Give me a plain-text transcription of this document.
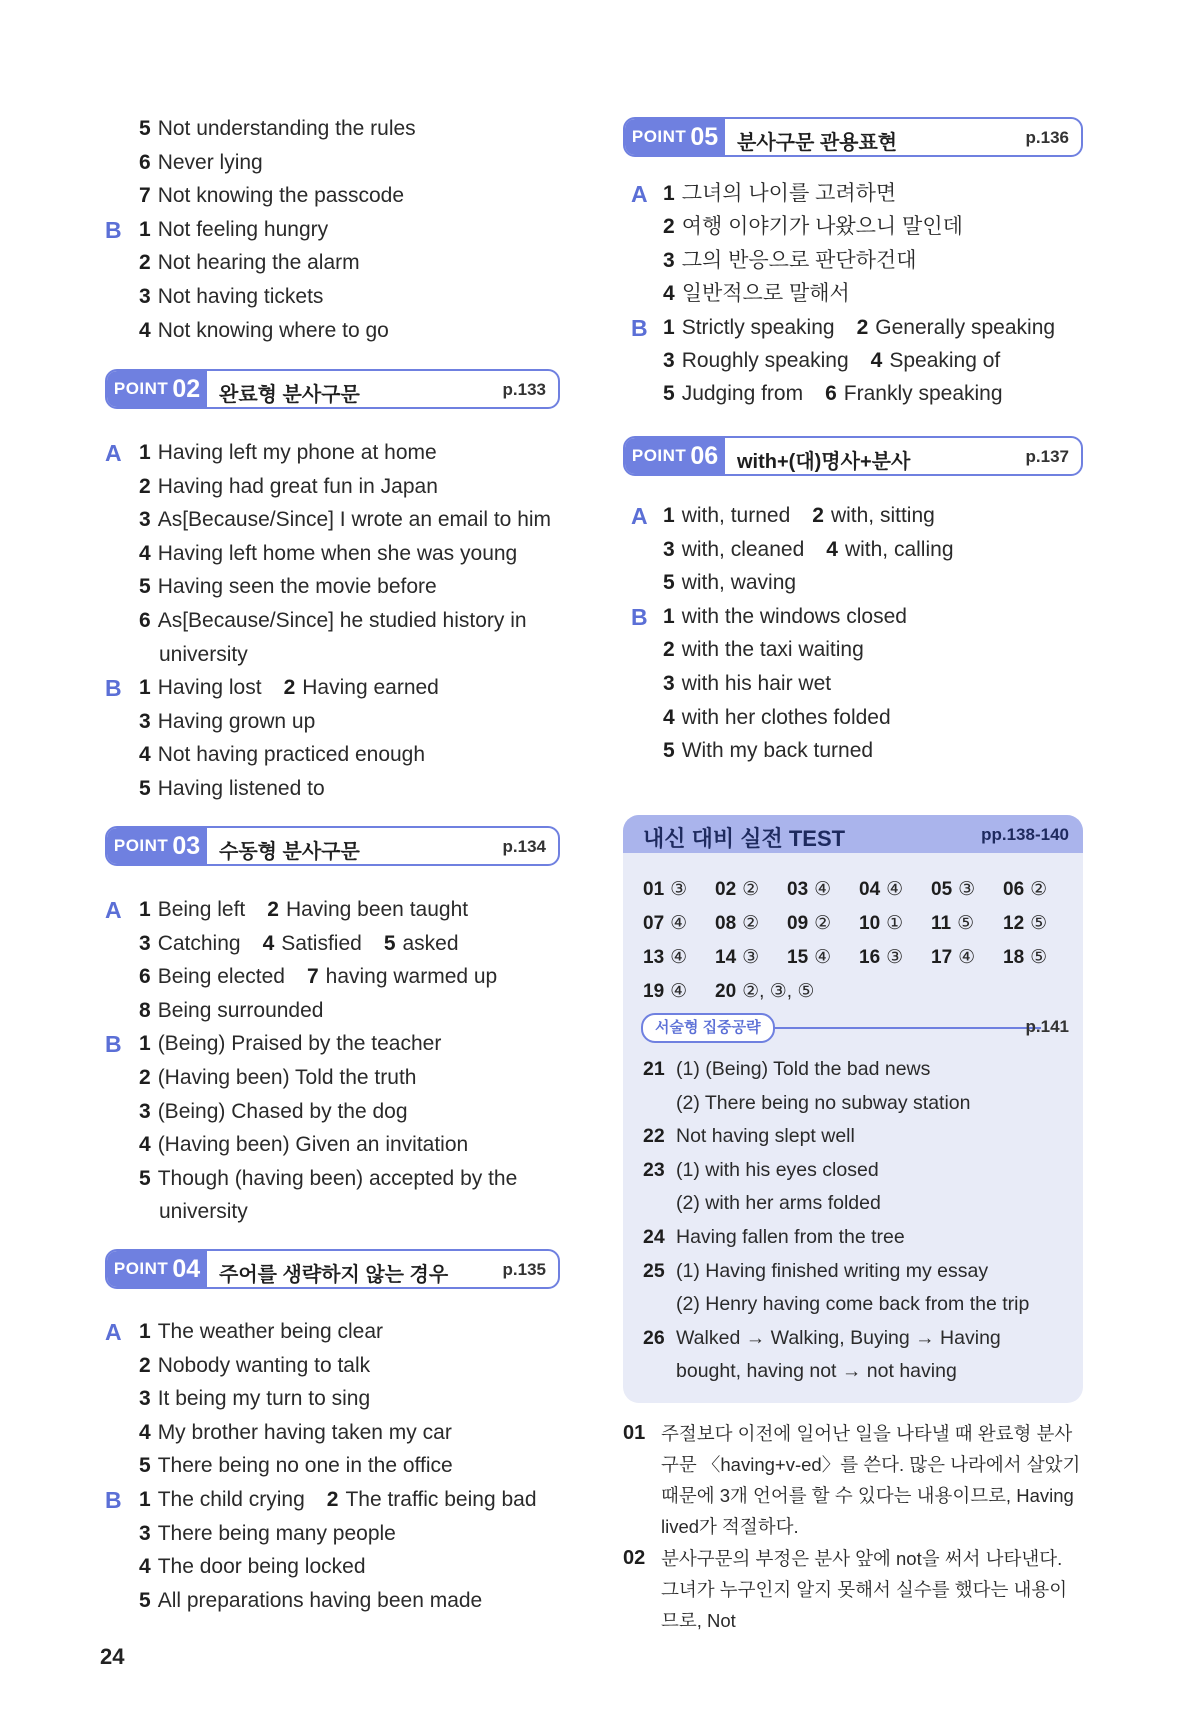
5 Not understanding the rules
6 Never lying
7 Not knowing the passcode
B 1 Not feeling hungry
2 Not hearing the alarm
3 Not having tickets
4 Not knowing where to go
POINT 02 완료형 분사구문	p.133
A 1 Having left my phone at home
2 Having had great fun in Japan
3 As[Because/Since] I wrote an email to him
4 Having left home when she was young
5 Having seen the movie before
6 As[Because/Since] he studied history in
university
B 1 Having lost 2 Having earned
3 Having grown up
4 Not having practiced enough
5 Having listened to
POINT 03 수동형 분사구문	p.134
A 1 Being left 2 Having been taught
3 Catching 4 Satisfied 5 asked
6 Being elected 7 having warmed up
8 Being surrounded
B 1 (Being) Praised by the teacher
2 (Having been) Told the truth
3 (Being) Chased by the dog
4 (Having been) Given an invitation
5 Though (having been) accepted by the
university
POINT 04 주어를 생략하지 않는 경우	p.135
A 1 The weather being clear
2 Nobody wanting to talk
3 It being my turn to sing
4 My brother having taken my car
5 There being no one in the office
B 1 The child crying 2 The traffic being bad
3 There being many people
4 The door being locked
5 All preparations having been made
POINT 05 분사구문 관용표현	p.136
A 1 그녀의 나이를 고려하면
2 여행 이야기가 나왔으니 말인데
3 그의 반응으로 판단하건대
4 일반적으로 말해서
B 1 Strictly speaking 2 Generally speaking
3 Roughly speaking 4 Speaking of
5 Judging from 6 Frankly speaking
POINT 06 with+(대)명사+분사	p.137
A 1 with, turned 2 with, sitting
3 with, cleaned 4 with, calling
5 with, waving
B 1 with the windows closed
2 with the taxi waiting
3 with his hair wet
4 with her clothes folded
5 With my back turned
내신 대비 실전 TEST	pp.138-140
01 ③ 02 ② 03 ④ 04 ④ 05 ③ 06 ②
07 ④ 08 ② 09 ② 10 ① 11 ⑤ 12 ⑤
13 ④ 14 ③ 15 ④ 16 ③ 17 ④ 18 ⑤
19 ④ 20 ②, ③, ⑤
서술형 집중공략	p.141
21 (1) (Being) Told the bad news
(2) There being no subway station
22 Not having slept well
23 (1) with his eyes closed
(2) with her arms folded
24 Having fallen from the tree
25 (1) Having finished writing my essay
(2) Henry having come back from the trip
26 Walked → Walking, Buying → Having
bought, having not → not having
01 주절보다 이전에 일어난 일을 나타낼 때 완료형 분사구문 〈having+v-ed〉를 쓴다. 많은 나라에서 살았기 때문에 3개 언어를 할 수 있다는 내용이므로, Having lived가 적절하다.
02 분사구문의 부정은 분사 앞에 not을 써서 나타낸다. 그녀가 누구인지 알지 못해서 실수를 했다는 내용이므로, Not
24
